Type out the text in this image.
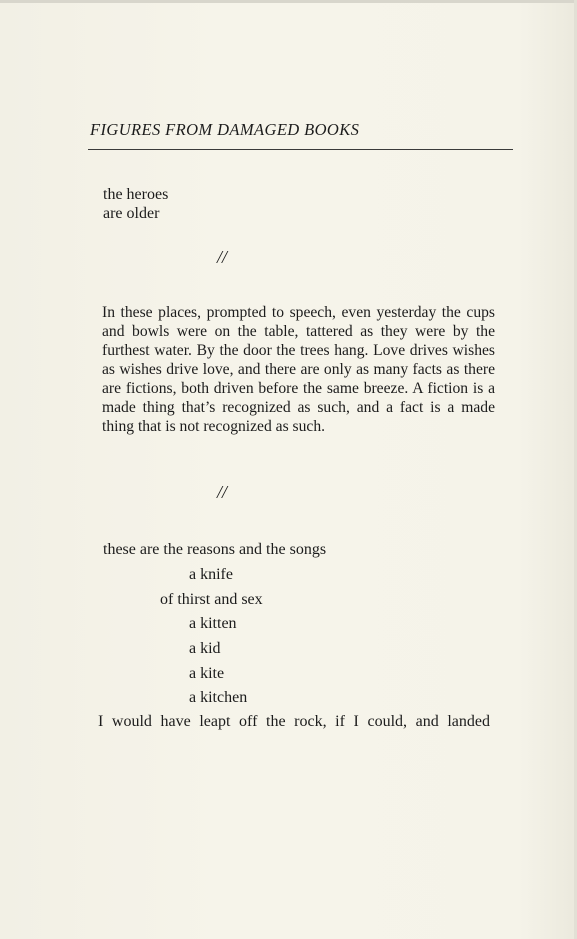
FIGURES FROM DAMAGED BOOKS
the heroes
are older
//
In these places, prompted to speech, even yesterday the cups and bowls were on the table, tattered as they were by the furthest water. By the door the trees hang. Love drives wishes as wishes drive love, and there are only as many facts as there are fictions, both driven before the same breeze. A fiction is a made thing that’s recognized as such, and a fact is a made thing that is not recognized as such.
//
these are the reasons and the songs
a knife
of thirst and sex
a kitten
a kid
a kite
a kitchen
I would have leapt off the rock, if I could, and landed
